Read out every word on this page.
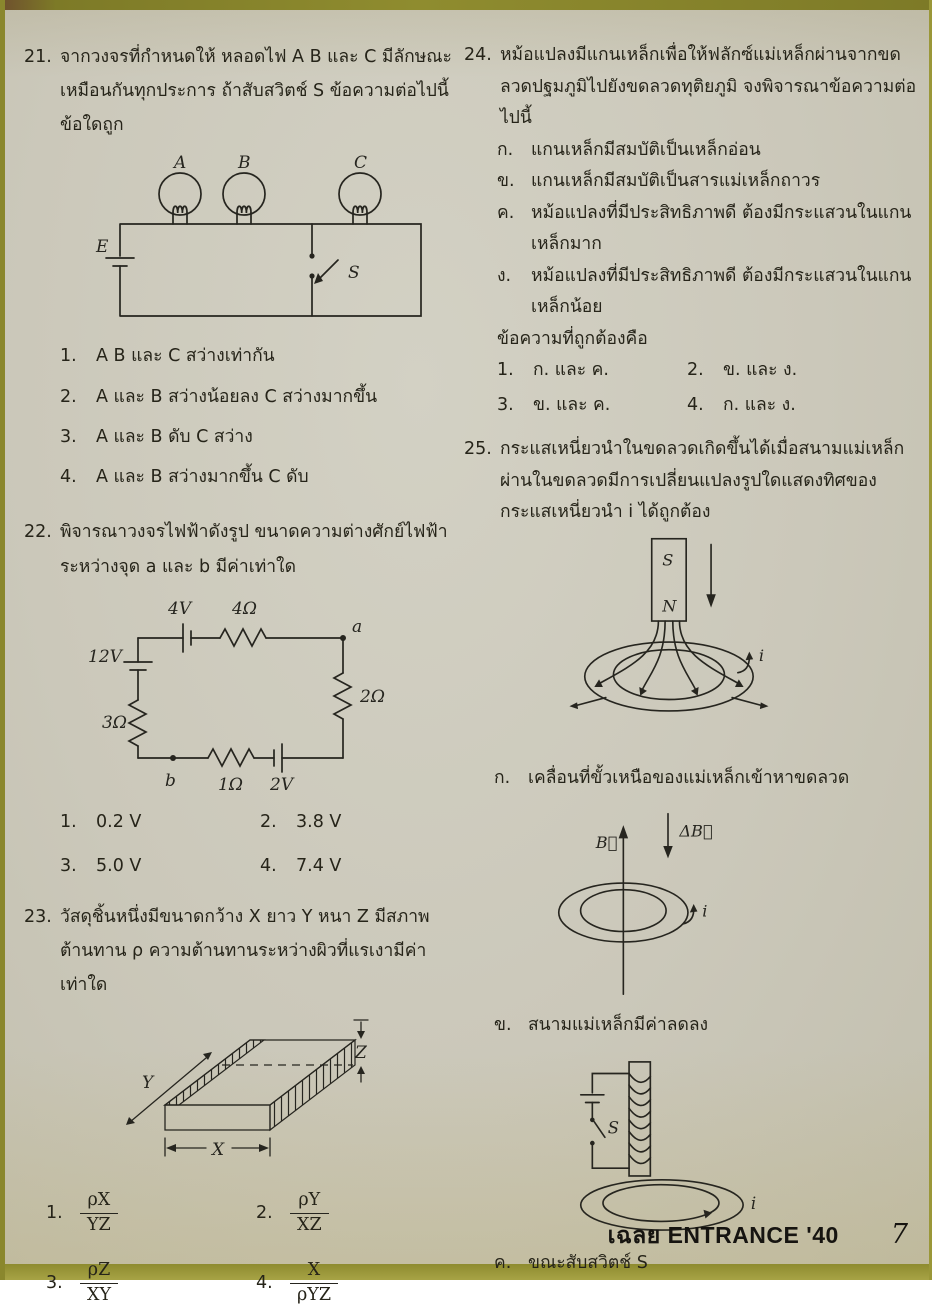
21. จากวงจรที่กำหนดให้ หลอดไฟ A B และ C มีลักษณะเหมือนกันทุกประการ ถ้าสับสวิตช์ S ข้อความต่อไปนี้ข้อใดถูก
A	B	C
E
S
1.	A B และ C สว่างเท่ากัน
2.	A และ B สว่างน้อยลง C สว่างมากขึ้น
3.	A และ B ดับ C สว่าง
4.	A และ B สว่างมากขึ้น C ดับ
22. พิจารณาวงจรไฟฟ้าดังรูป ขนาดความต่างศักย์ไฟฟ้าระหว่างจุด a และ b มีค่าเท่าใด
4V 4Ω
a
2Ω
12V
3Ω
b 1Ω 2V
1.	0.2 V	2.	3.8 V
3.	5.0 V	4.	7.4 V
23. วัสดุชิ้นหนึ่งมีขนาดกว้าง X ยาว Y หนา Z มีสภาพต้านทาน ρ ความต้านทานระหว่างผิวที่แรเงามีค่าเท่าใด
Y
X
Z
1. $\frac{\rho X}{YZ}$	2. $\frac{\rho Y}{XZ}$
3. $\frac{\rho Z}{XY}$	4. $\frac{X}{\text{ρYZ}}$
24. หม้อแปลงมีแกนเหล็กเพื่อให้ฟลักซ์แม่เหล็กผ่านจากขดลวดปฐมภูมิไปยังขดลวดทุติยภูมิ จงพิจารณาข้อความต่อไปนี้
ก.	แกนเหล็กมีสมบัติเป็นเหล็กอ่อน
ข. แกนเหล็กมีสมบัติเป็นสารแม่เหล็กถาวร
ค. หม้อแปลงที่มีประสิทธิภาพดี ต้องมีกระแสวนในแกนเหล็กมาก
ง.	หม้อแปลงที่มีประสิทธิภาพดี ต้องมีกระแสวนในแกนเหล็กน้อย
ข้อความที่ถูกต้องคือ
1.	ก. และ ค.	2.	ข. และ ง.
3.	ข. และ ค.	4.	ก. และ ง.
25. กระแสเหนี่ยวนำในขดลวดเกิดขึ้นได้เมื่อสนามแม่เหล็กผ่านในขดลวดมีการเปลี่ยนแปลงรูปใดแสดงทิศของกระแสเหนี่ยวนำ i ได้ถูกต้อง
S
N
i
ก.	เคลื่อนที่ขั้วเหนือของแม่เหล็กเข้าหาขดลวด
B⃗
ΔB⃗
i
ข. สนามแม่เหล็กมีค่าลดลง
S
i
ค. ขณะสับสวิตช์ S
เฉลย ENTRANCE '40 7
